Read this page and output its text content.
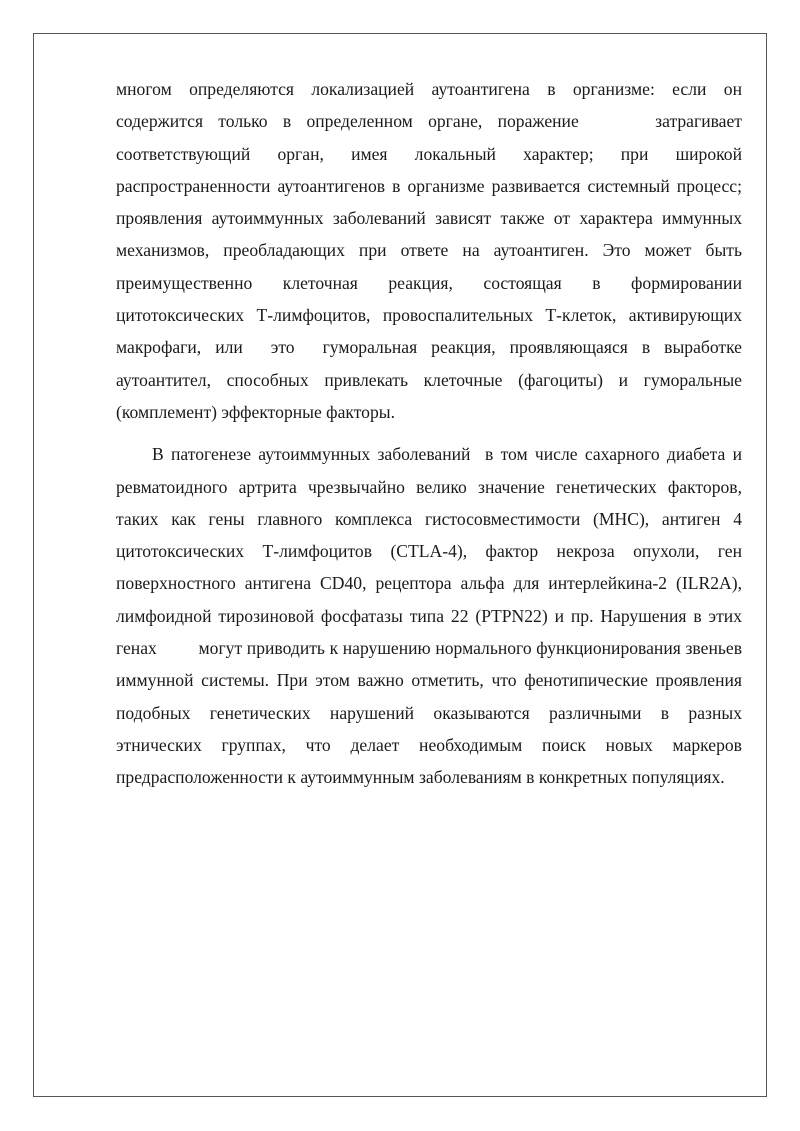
многом определяются локализацией аутоантигена в организме: если он содержится только в определенном органе, поражение     затрагивает соответствующий орган, имея локальный характер; при широкой распространенности аутоантигенов в организме развивается системный процесс; проявления аутоиммунных заболеваний зависят также от характера иммунных механизмов, преобладающих при ответе на аутоантиген. Это может быть преимущественно клеточная реакция, состоящая в формировании цитотоксических Т-лимфоцитов, провоспалительных Т-клеток, активирующих макрофаги, или  это  гуморальная реакция, проявляющаяся в выработке аутоантител, способных привлекать клеточные (фагоциты) и гуморальные (комплемент) эффекторные факторы.

В патогенезе аутоиммунных заболеваний  в том числе сахарного диабета и ревматоидного артрита чрезвычайно велико значение генетических факторов, таких как гены главного комплекса гистосовместимости (MHC), антиген 4 цитотоксических Т-лимфоцитов (CTLA-4), фактор некроза опухоли, ген поверхностного антигена CD40, рецептора альфа для интерлейкина-2 (ILR2A), лимфоидной тирозиновой фосфатазы типа 22 (PTPN22) и пр. Нарушения в этих генах         могут приводить к нарушению нормального функционирования звеньев иммунной системы. При этом важно отметить, что фенотипические проявления подобных генетических нарушений оказываются различными в разных этнических группах, что делает необходимым поиск новых маркеров предрасположенности к аутоиммунным заболеваниям в конкретных популяциях.
